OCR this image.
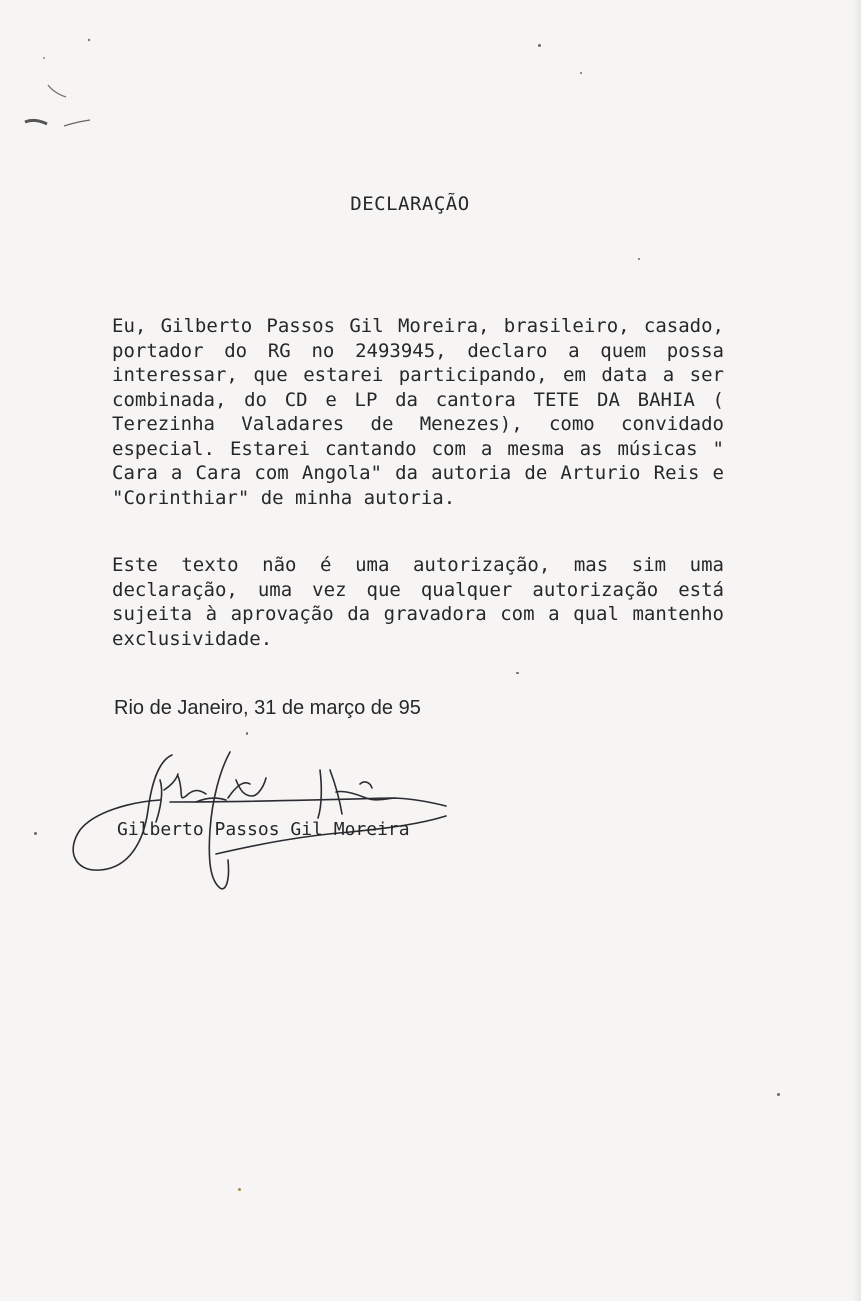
DECLARAÇÃO
Eu, Gilberto Passos Gil Moreira, brasileiro, casado,
portador do RG no 2493945, declaro a quem possa
interessar, que estarei participando, em data a ser
combinada, do CD e LP da cantora TETE DA BAHIA (
Terezinha Valadares de Menezes), como convidado
especial. Estarei cantando com a mesma as músicas "
Cara a Cara com Angola" da autoria de Arturio Reis e
"Corinthiar" de minha autoria.
Este texto não é uma autorização, mas sim uma
declaração, uma vez que qualquer autorização está
sujeita à aprovação da gravadora com a qual mantenho
exclusividade.
Rio de Janeiro, 31 de março de 95
Gilberto Passos Gil Moreira
